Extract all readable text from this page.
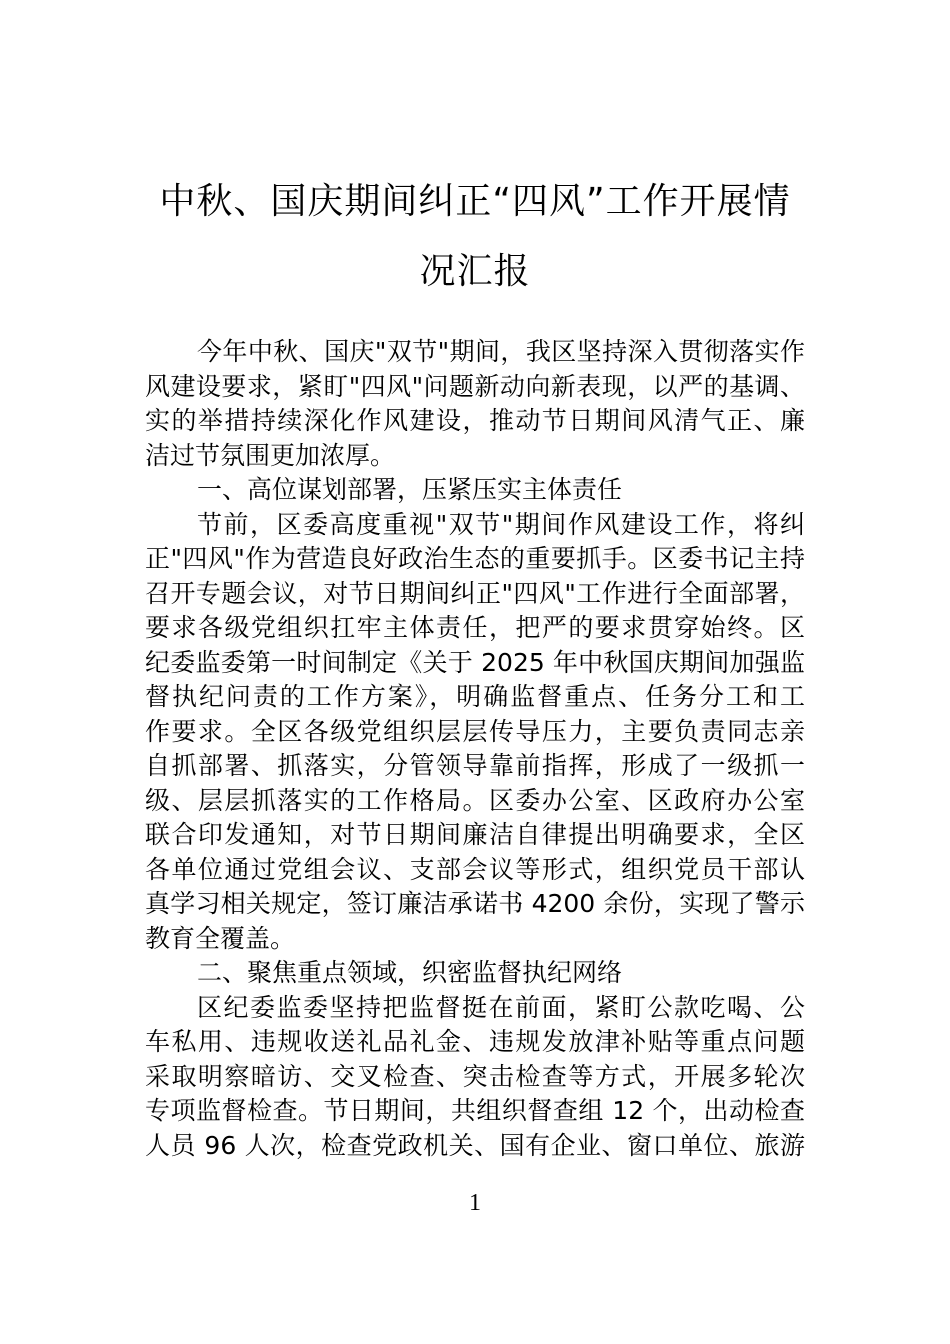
中秋、国庆期间纠正“四风”工作开展情
况汇报
今年中秋、国庆"双节"期间，我区坚持深入贯彻落实作
风建设要求，紧盯"四风"问题新动向新表现，以严的基调、
实的举措持续深化作风建设，推动节日期间风清气正、廉
洁过节氛围更加浓厚。
一、高位谋划部署，压紧压实主体责任
节前，区委高度重视"双节"期间作风建设工作，将纠
正"四风"作为营造良好政治生态的重要抓手。区委书记主持
召开专题会议，对节日期间纠正"四风"工作进行全面部署，
要求各级党组织扛牢主体责任，把严的要求贯穿始终。区
纪委监委第一时间制定《关于 2025 年中秋国庆期间加强监
督执纪问责的工作方案》，明确监督重点、任务分工和工
作要求。全区各级党组织层层传导压力，主要负责同志亲
自抓部署、抓落实，分管领导靠前指挥，形成了一级抓一
级、层层抓落实的工作格局。区委办公室、区政府办公室
联合印发通知，对节日期间廉洁自律提出明确要求，全区
各单位通过党组会议、支部会议等形式，组织党员干部认
真学习相关规定，签订廉洁承诺书 4200 余份，实现了警示
教育全覆盖。
二、聚焦重点领域，织密监督执纪网络
区纪委监委坚持把监督挺在前面，紧盯公款吃喝、公
车私用、违规收送礼品礼金、违规发放津补贴等重点问题
采取明察暗访、交叉检查、突击检查等方式，开展多轮次
专项监督检查。节日期间，共组织督查组 12 个，出动检查
人员 96 人次，检查党政机关、国有企业、窗口单位、旅游
1
